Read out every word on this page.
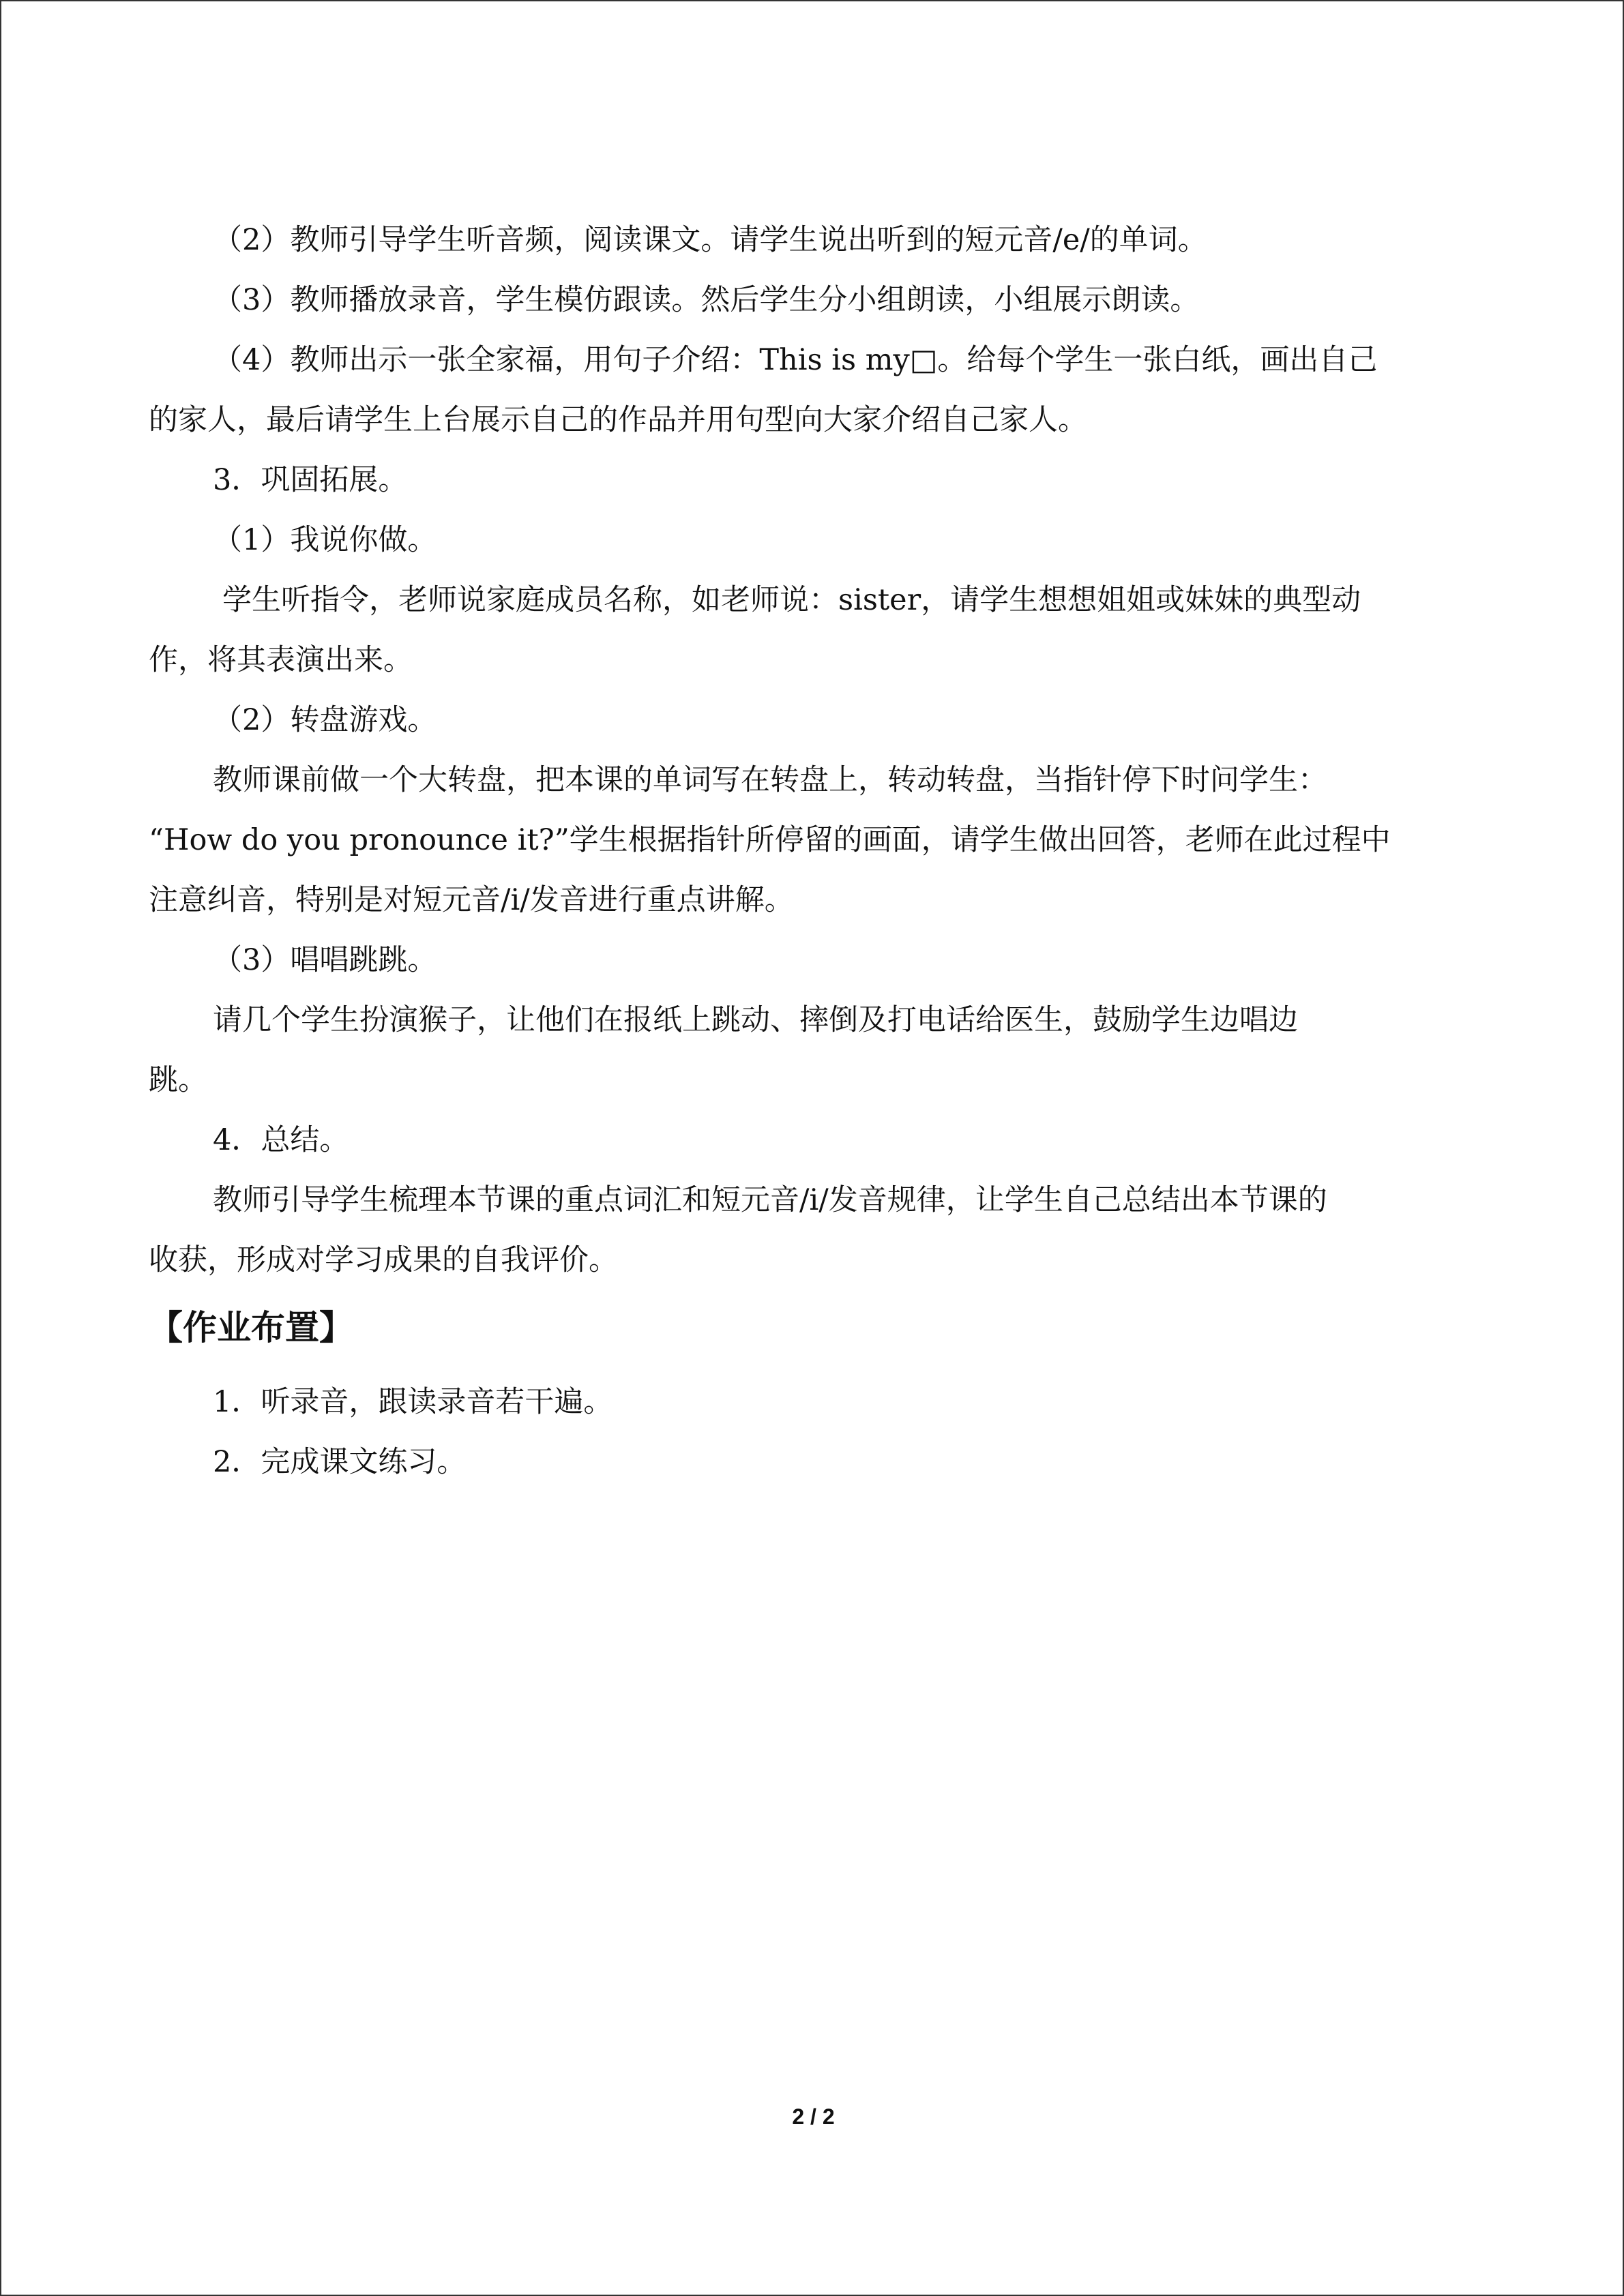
（2）教师引导学生听音频，阅读课文。请学生说出听到的短元音/e/的单词。

（3）教师播放录音，学生模仿跟读。然后学生分小组朗读，小组展示朗读。

（4）教师出示一张全家福，用句子介绍：This is my□。给每个学生一张白纸，画出自己

的家人，最后请学生上台展示自己的作品并用句型向大家介绍自己家人。

3．巩固拓展。

（1）我说你做。

学生听指令，老师说家庭成员名称，如老师说：sister，请学生想想姐姐或妹妹的典型动

作，将其表演出来。

（2）转盘游戏。

教师课前做一个大转盘，把本课的单词写在转盘上，转动转盘，当指针停下时问学生：

“How do you pronounce it?”学生根据指针所停留的画面，请学生做出回答，老师在此过程中

注意纠音，特别是对短元音/i/发音进行重点讲解。

（3）唱唱跳跳。

请几个学生扮演猴子，让他们在报纸上跳动、摔倒及打电话给医生，鼓励学生边唱边

跳。

4．总结。

教师引导学生梳理本节课的重点词汇和短元音/i/发音规律，让学生自己总结出本节课的

收获，形成对学习成果的自我评价。

【作业布置】

1．听录音，跟读录音若干遍。

2．完成课文练习。

2 / 2
